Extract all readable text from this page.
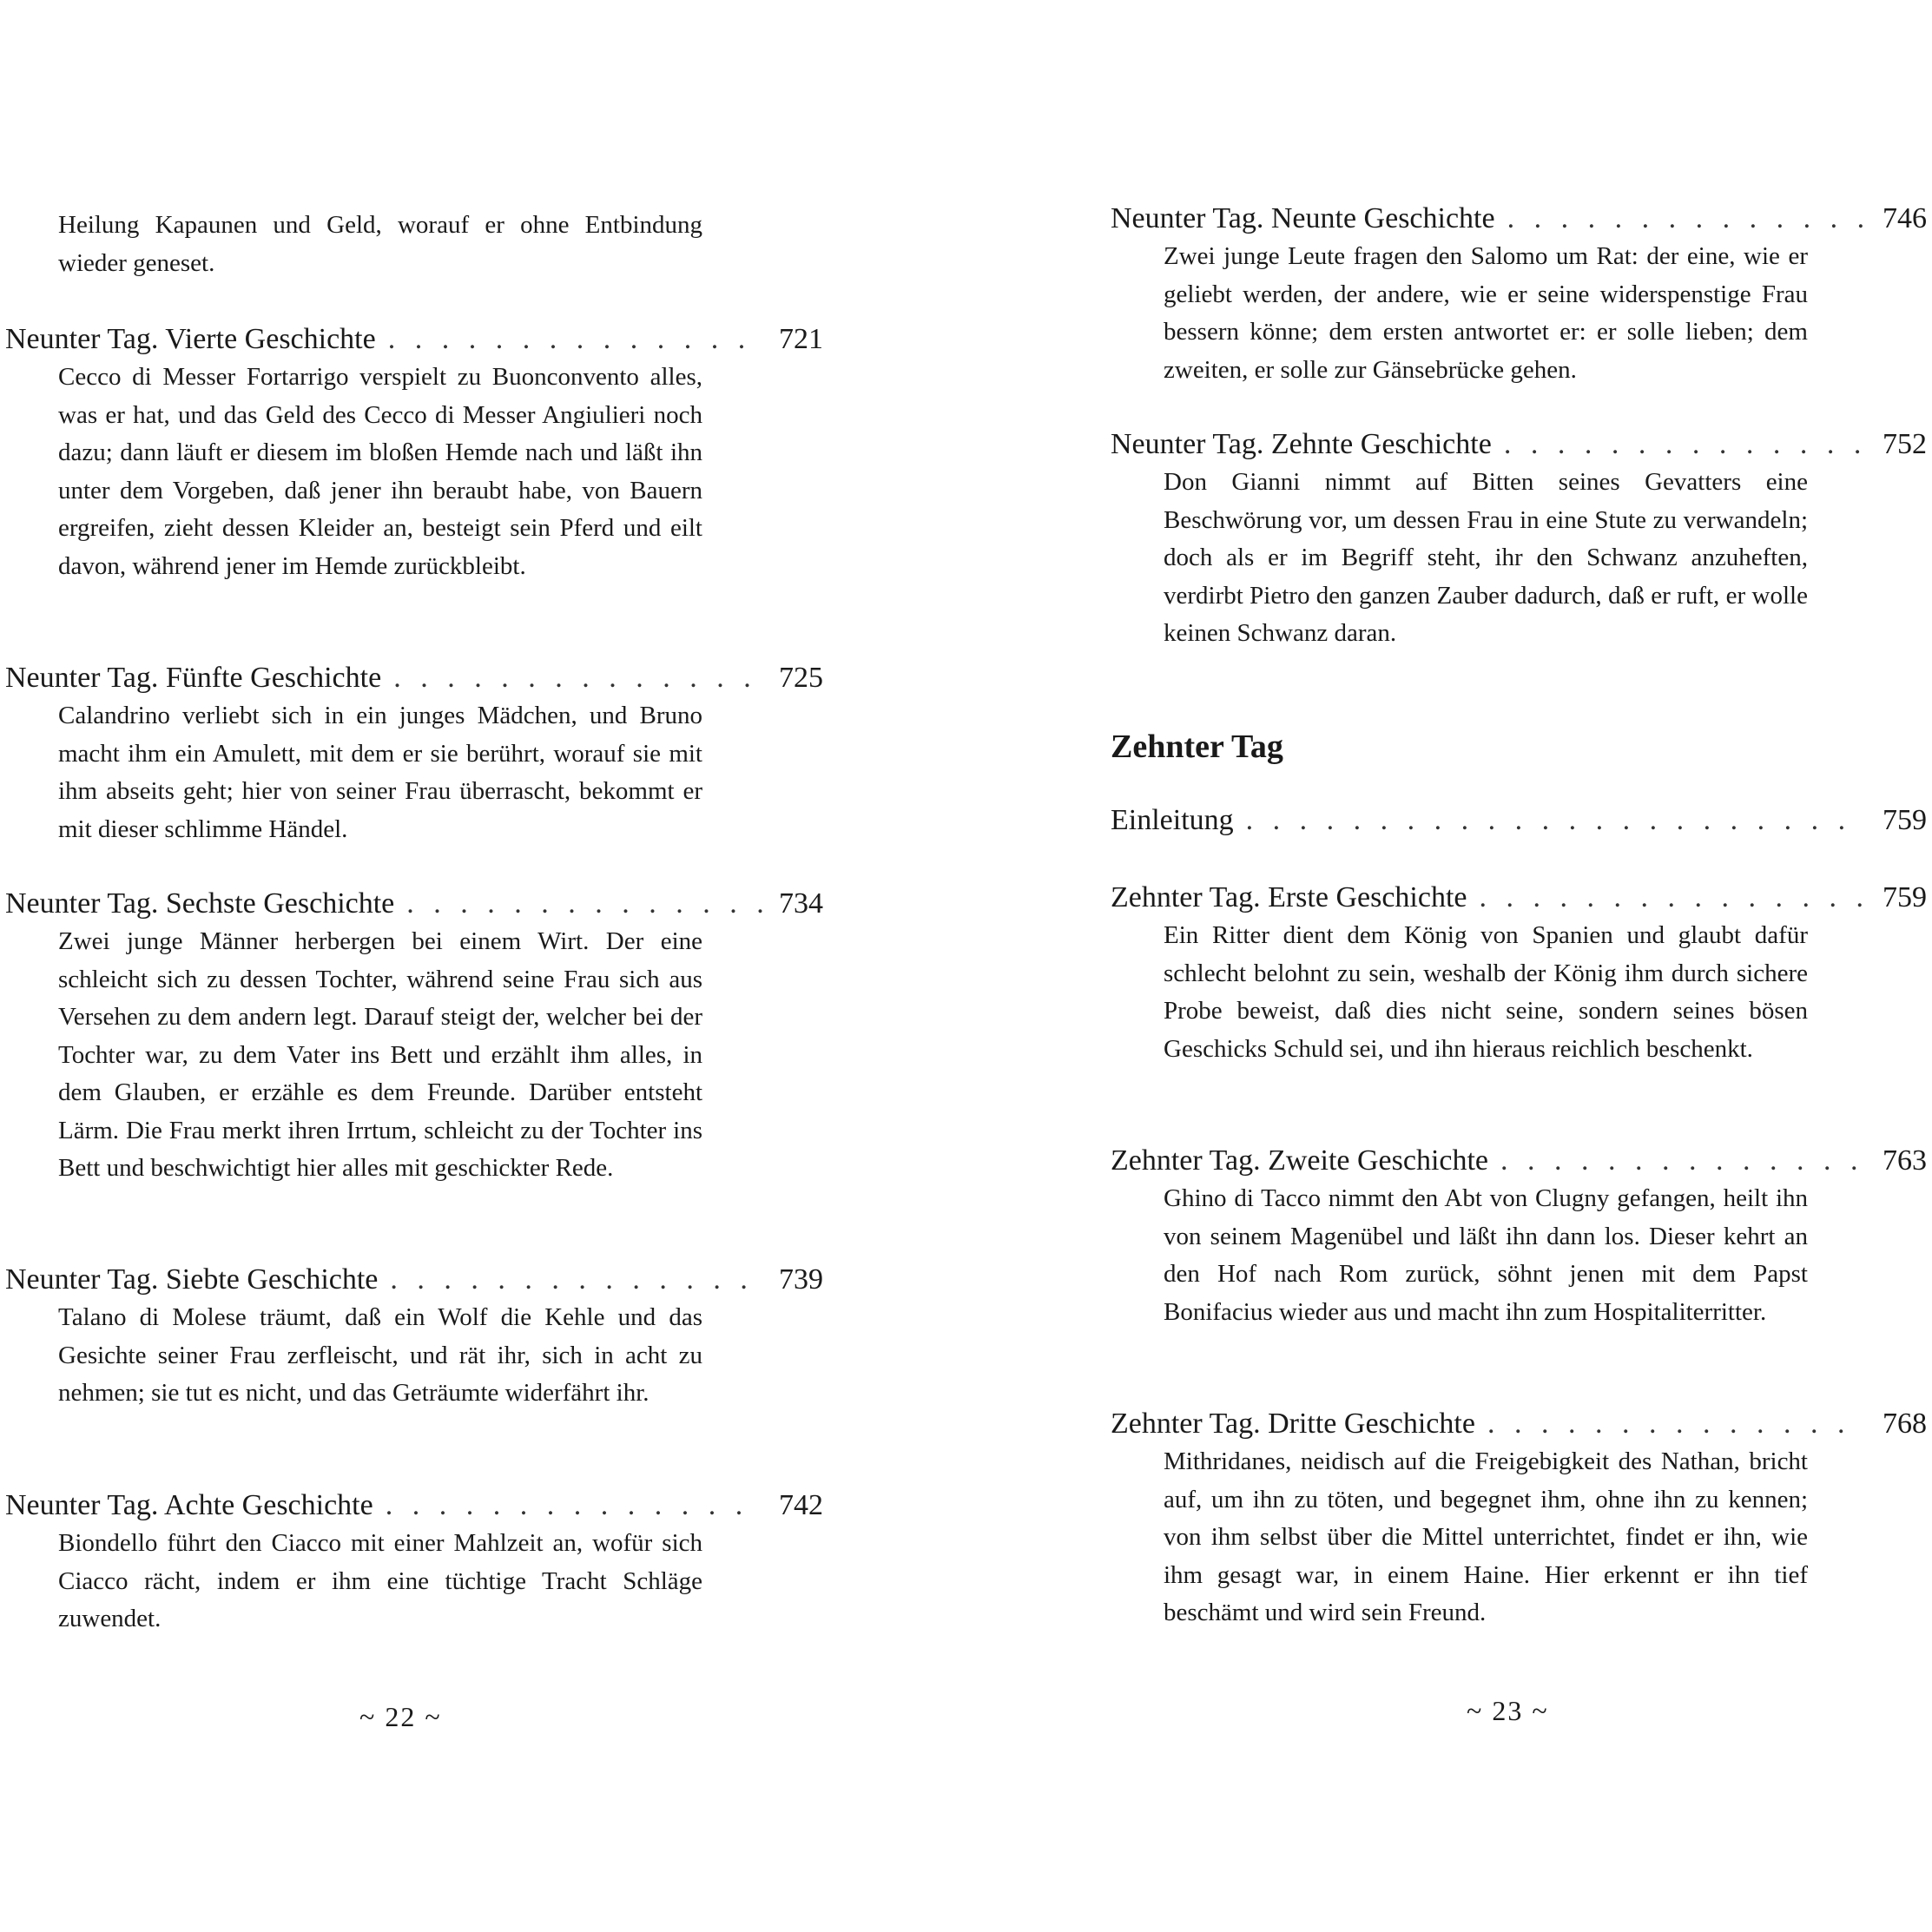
Heilung Kapaunen und Geld, worauf er ohne Entbindung wieder geneset.

Neunter Tag. Vierte Geschichte . . .	721

Cecco di Messer Fortarrigo verspielt zu Buonconvento alles, was er hat, und das Geld des Cecco di Messer Angiulieri noch dazu; dann läuft er diesem im bloßen Hemde nach und läßt ihn unter dem Vorgeben, daß jener ihn beraubt habe, von Bauern ergreifen, zieht dessen Kleider an, besteigt sein Pferd und eilt davon, während jener im Hemde zurückbleibt.

Neunter Tag. Fünfte Geschichte . . .	725

Calandrino verliebt sich in ein junges Mädchen, und Bruno macht ihm ein Amulett, mit dem er sie berührt, worauf sie mit ihm abseits geht; hier von seiner Frau überrascht, bekommt er mit dieser schlimme Händel.

Neunter Tag. Sechste Geschichte . . .	734

Zwei junge Männer herbergen bei einem Wirt. Der eine schleicht sich zu dessen Tochter, während seine Frau sich aus Versehen zu dem andern legt. Darauf steigt der, welcher bei der Tochter war, zu dem Vater ins Bett und erzählt ihm alles, in dem Glauben, er erzähle es dem Freunde. Darüber entsteht Lärm. Die Frau merkt ihren Irrtum, schleicht zu der Tochter ins Bett und beschwichtigt hier alles mit geschickter Rede.

Neunter Tag. Siebte Geschichte . . .	739

Talano di Molese träumt, daß ein Wolf die Kehle und das Gesichte seiner Frau zerfleischt, und rät ihr, sich in acht zu nehmen; sie tut es nicht, und das Geträumte widerfährt ihr.

Neunter Tag. Achte Geschichte . . .	742

Biondello führt den Ciacco mit einer Mahlzeit an, wofür sich Ciacco rächt, indem er ihm eine tüchtige Tracht Schläge zuwendet.

~ 22 ~
Neunter Tag. Neunte Geschichte . . .	746

Zwei junge Leute fragen den Salomo um Rat: der eine, wie er geliebt werden, der andere, wie er seine widerspenstige Frau bessern könne; dem ersten antwortet er: er solle lieben; dem zweiten, er solle zur Gänsebrücke gehen.

Neunter Tag. Zehnte Geschichte . . .	752

Don Gianni nimmt auf Bitten seines Gevatters eine Beschwörung vor, um dessen Frau in eine Stute zu verwandeln; doch als er im Begriff steht, ihr den Schwanz anzuheften, verdirbt Pietro den ganzen Zauber dadurch, daß er ruft, er wolle keinen Schwanz daran.

Zehnter Tag
Einleitung . . .	759
Zehnter Tag. Erste Geschichte . . .	759

Ein Ritter dient dem König von Spanien und glaubt dafür schlecht belohnt zu sein, weshalb der König ihm durch sichere Probe beweist, daß dies nicht seine, sondern seines bösen Geschicks Schuld sei, und ihn hieraus reichlich beschenkt.

Zehnter Tag. Zweite Geschichte . . .	763

Ghino di Tacco nimmt den Abt von Clugny gefangen, heilt ihn von seinem Magenübel und läßt ihn dann los. Dieser kehrt an den Hof nach Rom zurück, söhnt jenen mit dem Papst Bonifacius wieder aus und macht ihn zum Hospitaliterritter.

Zehnter Tag. Dritte Geschichte . . .	768

Mithridanes, neidisch auf die Freigebigkeit des Nathan, bricht auf, um ihn zu töten, und begegnet ihm, ohne ihn zu kennen; von ihm selbst über die Mittel unterrichtet, findet er ihn, wie ihm gesagt war, in einem Haine. Hier erkennt er ihn tief beschämt und wird sein Freund.

~ 23 ~
